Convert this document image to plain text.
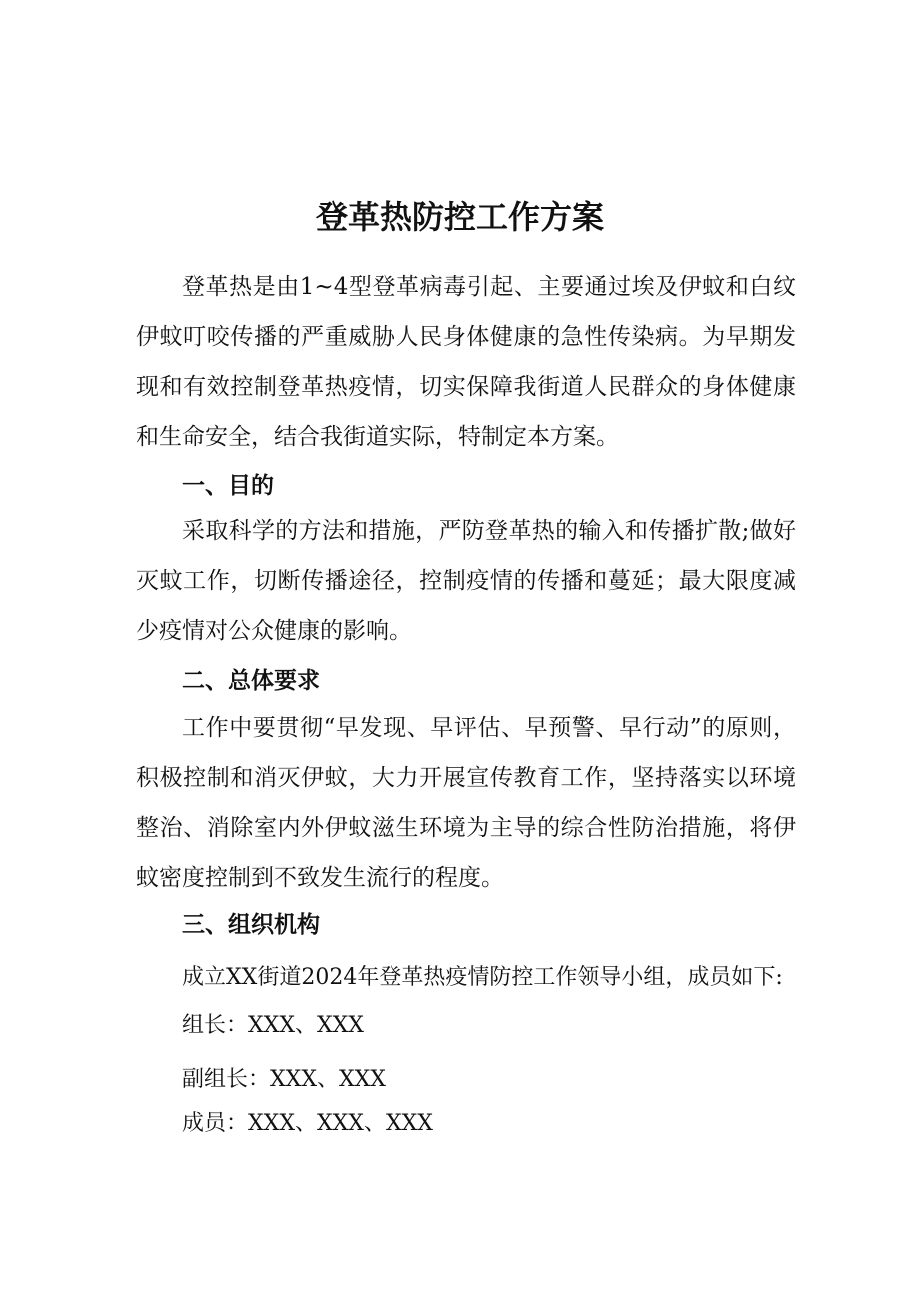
登革热防控工作方案

登革热是由1~4型登革病毒引起、主要通过埃及伊蚊和白纹伊蚊叮咬传播的严重威胁人民身体健康的急性传染病。为早期发现和有效控制登革热疫情，切实保障我街道人民群众的身体健康和生命安全，结合我街道实际，特制定本方案。

一、目的

采取科学的方法和措施，严防登革热的输入和传播扩散;做好灭蚊工作，切断传播途径，控制疫情的传播和蔓延；最大限度减少疫情对公众健康的影响。

二、总体要求

工作中要贯彻“早发现、早评估、早预警、早行动”的原则，积极控制和消灭伊蚊，大力开展宣传教育工作，坚持落实以环境整治、消除室内外伊蚊滋生环境为主导的综合性防治措施，将伊蚊密度控制到不致发生流行的程度。

三、组织机构

成立XX街道2024年登革热疫情防控工作领导小组，成员如下:

组长：XXX、XXX

副组长：XXX、XXX

成员：XXX、XXX、XXX
